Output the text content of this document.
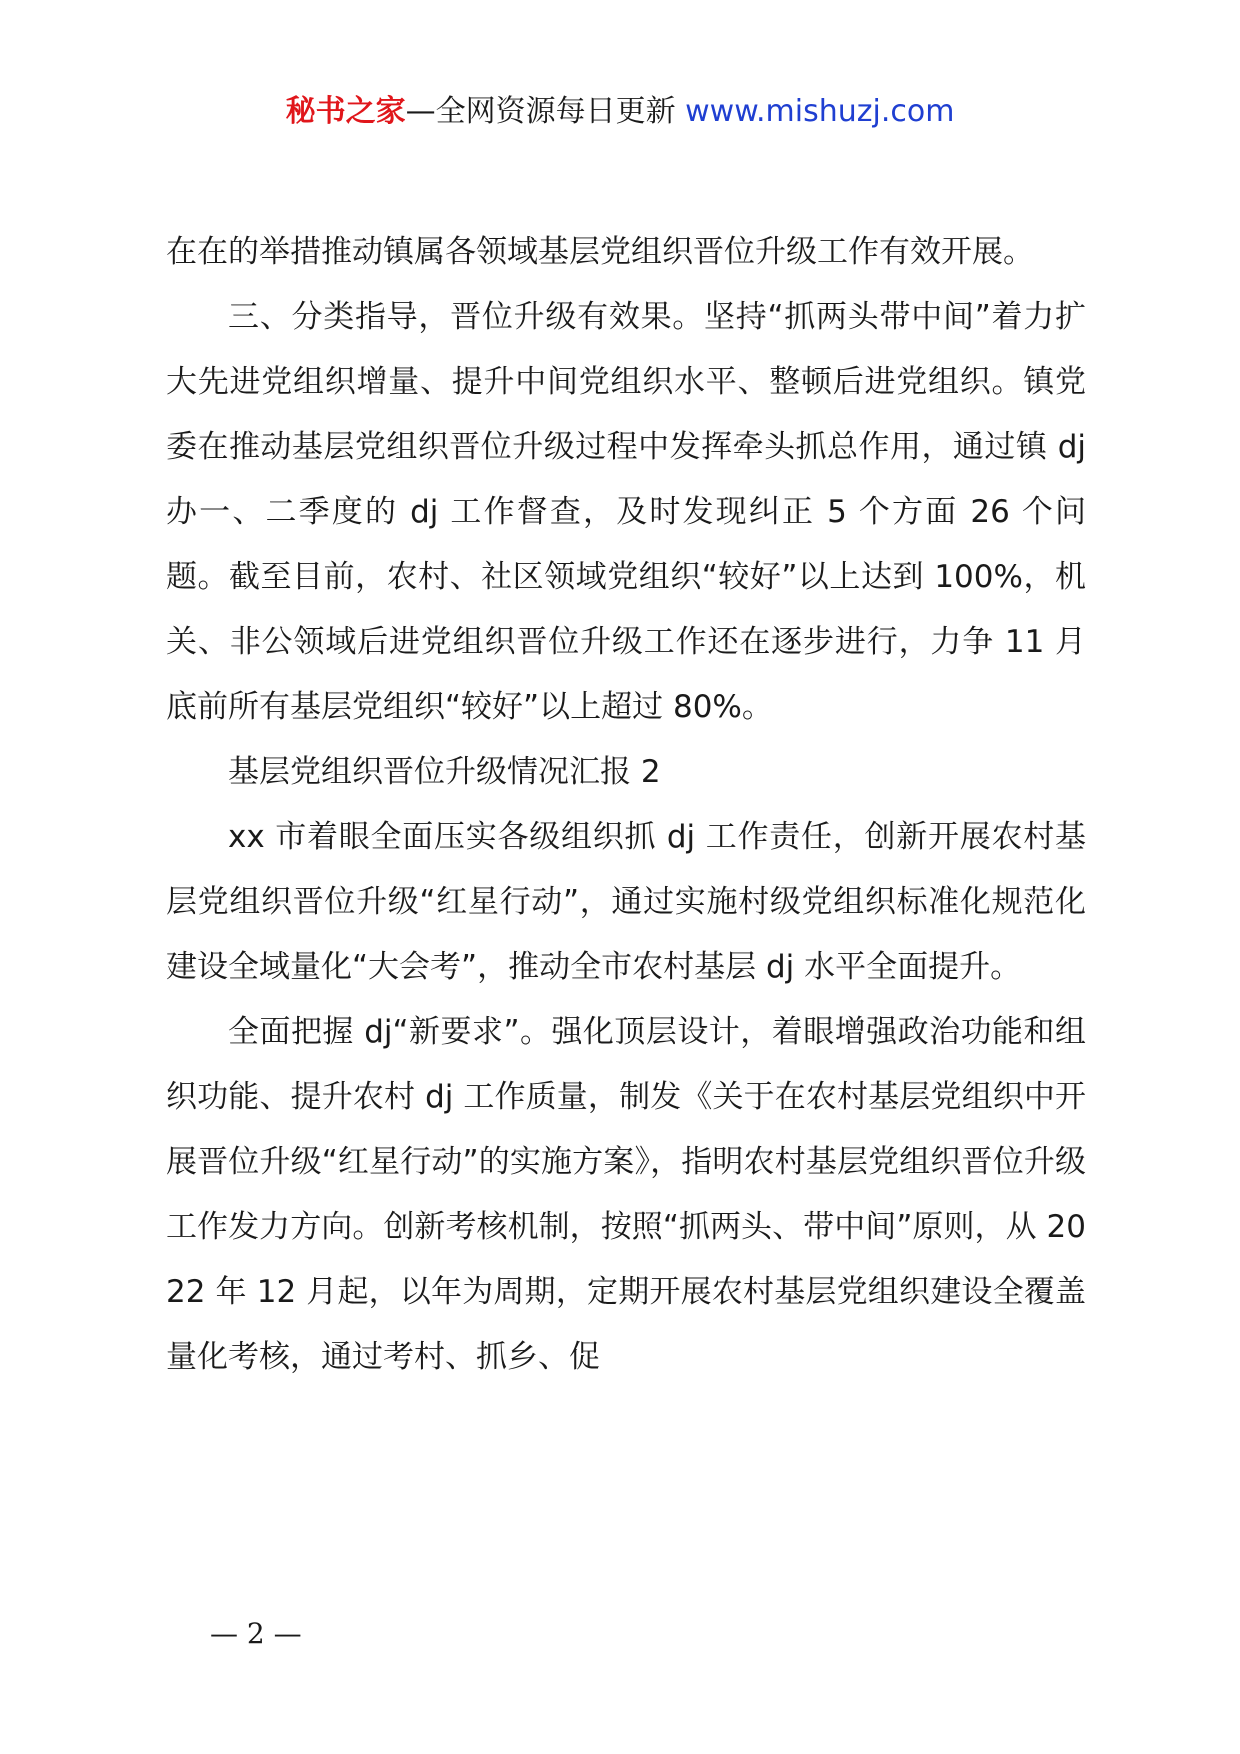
秘书之家—全网资源每日更新 www.mishuzj.com

在在的举措推动镇属各领域基层党组织晋位升级工作有效开展。

三、分类指导，晋位升级有效果。坚持“抓两头带中间”着力扩大先进党组织增量、提升中间党组织水平、整顿后进党组织。镇党委在推动基层党组织晋位升级过程中发挥牵头抓总作用，通过镇 dj 办一、二季度的 dj 工作督查，及时发现纠正 5 个方面 26 个问题。截至目前，农村、社区领域党组织“较好”以上达到 100%，机关、非公领域后进党组织晋位升级工作还在逐步进行，力争 11 月底前所有基层党组织“较好”以上超过 80%。

基层党组织晋位升级情况汇报 2

xx 市着眼全面压实各级组织抓 dj 工作责任，创新开展农村基层党组织晋位升级“红星行动”，通过实施村级党组织标准化规范化建设全域量化“大会考”，推动全市农村基层 dj 水平全面提升。

全面把握 dj“新要求”。强化顶层设计，着眼增强政治功能和组织功能、提升农村 dj 工作质量，制发《关于在农村基层党组织中开展晋位升级“红星行动”的实施方案》，指明农村基层党组织晋位升级工作发力方向。创新考核机制，按照“抓两头、带中间”原则，从 2022 年 12 月起，以年为周期，定期开展农村基层党组织建设全覆盖量化考核，通过考村、抓乡、促

— 2 —
